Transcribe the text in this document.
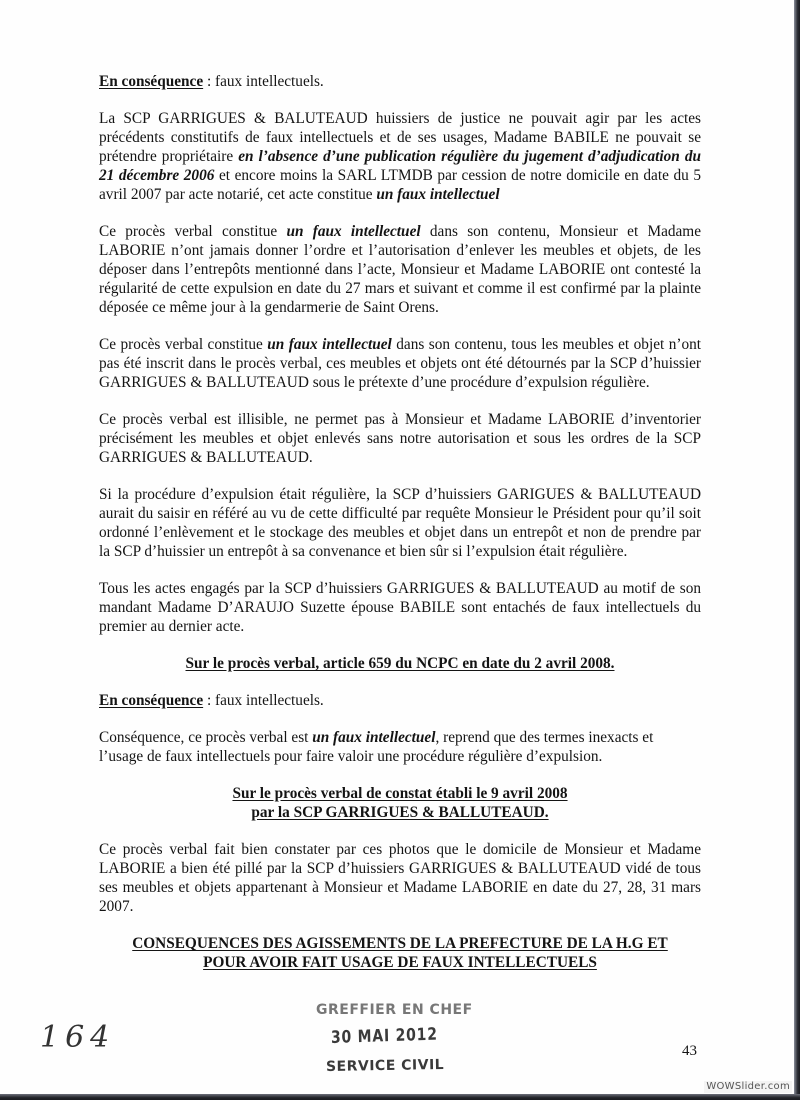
En conséquence : faux intellectuels.

La SCP GARRIGUES & BALUTEAUD huissiers de justice ne pouvait agir par les actes précédents constitutifs de faux intellectuels et de ses usages, Madame BABILE ne pouvait se prétendre propriétaire en l’absence d’une publication régulière du jugement d’adjudication du 21 décembre 2006 et encore moins la SARL LTMDB par cession de notre domicile en date du 5 avril 2007 par acte notarié, cet acte constitue un faux intellectuel

Ce procès verbal constitue un faux intellectuel dans son contenu, Monsieur et Madame LABORIE n’ont jamais donner l’ordre et l’autorisation d’enlever les meubles et objets, de les déposer dans l’entrepôts mentionné dans l’acte, Monsieur et Madame LABORIE ont contesté la régularité de cette expulsion en date du 27 mars et suivant et comme il est confirmé par la plainte déposée ce même jour à la gendarmerie de Saint Orens.

Ce procès verbal constitue un faux intellectuel dans son contenu, tous les meubles et objet n’ont pas été inscrit dans le procès verbal, ces meubles et objets ont été détournés par la SCP d’huissier GARRIGUES & BALLUTEAUD sous le prétexte d’une procédure d’expulsion régulière.

Ce procès verbal est illisible, ne permet pas à Monsieur et Madame LABORIE d’inventorier précisément les meubles et objet enlevés sans notre autorisation et sous les ordres de la SCP GARRIGUES & BALLUTEAUD.

Si la procédure d’expulsion était régulière, la SCP d’huissiers GARIGUES & BALLUTEAUD aurait du saisir en référé au vu de cette difficulté par requête Monsieur le Président pour qu’il soit ordonné l’enlèvement et le stockage des meubles et objet dans un entrepôt et non de prendre par la SCP d’huissier un entrepôt à sa convenance et bien sûr si l’expulsion était régulière.

Tous les actes engagés par la SCP d’huissiers GARRIGUES & BALLUTEAUD au motif de son mandant Madame D’ARAUJO Suzette épouse BABILE sont entachés de faux intellectuels du premier au dernier acte.

Sur le procès verbal, article 659 du NCPC en date du 2 avril 2008.

En conséquence : faux intellectuels.

Conséquence, ce procès verbal est un faux intellectuel, reprend que des termes inexacts et
l’usage de faux intellectuels pour faire valoir une procédure régulière d’expulsion.

Sur le procès verbal de constat établi le 9 avril 2008

par la SCP GARRIGUES & BALLUTEAUD.

Ce procès verbal fait bien constater par ces photos que le domicile de Monsieur et Madame LABORIE a bien été pillé par la SCP d’huissiers GARRIGUES & BALLUTEAUD vidé de tous ses meubles et objets appartenant à Monsieur et Madame LABORIE en date du 27, 28, 31 mars 2007.

CONSEQUENCES DES AGISSEMENTS DE LA PREFECTURE DE LA H.G ET

POUR AVOIR FAIT USAGE DE FAUX INTELLECTUELS

164
GREFFIER EN CHEF
30 MAI 2012
SERVICE CIVIL
43
WOWSlider.com
